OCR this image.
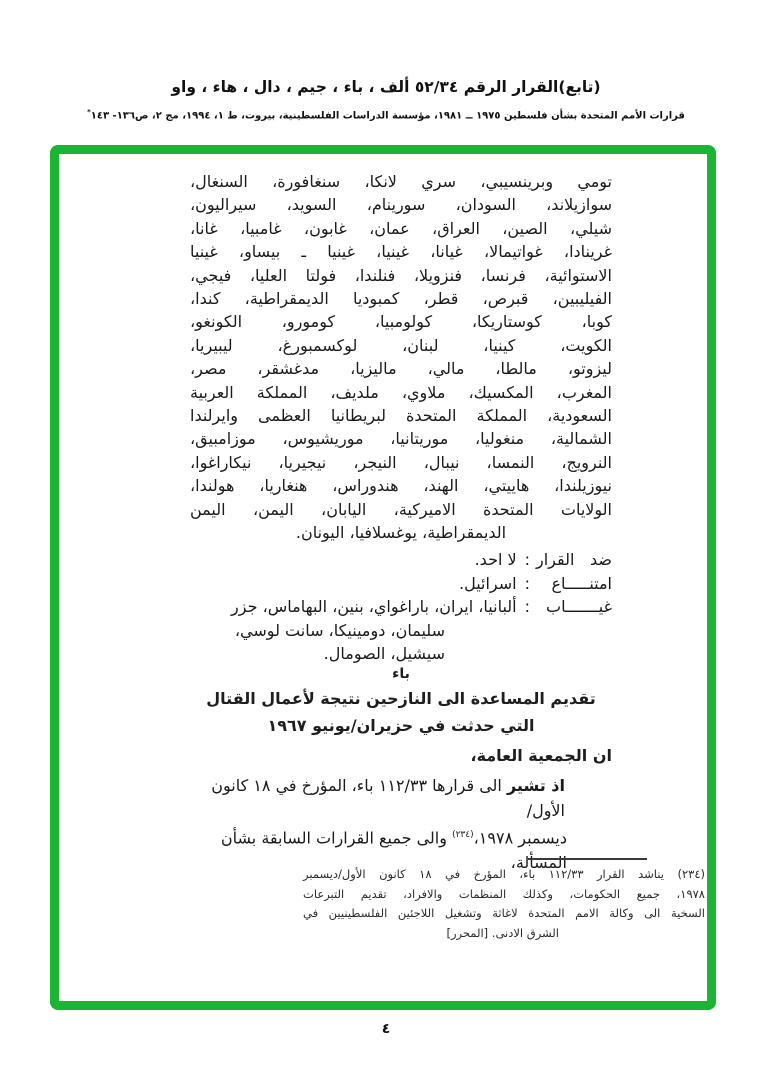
(تابع)القرار الرقم ٥٢/٣٤ ألف ، باء ، جيم ، دال ، هاء ، واو
قرارات الأمم المتحدة بشأن فلسطين ١٩٧٥ ــ ١٩٨١، مؤسسة الدراسات الفلسطينية، بيروت، ط ١، ١٩٩٤، مج ٢، ص١٣٦- ١٤٣*
تومي وبرينسيبي، سري لانكا، سنغافورة، السنغال،
سوازيلاند، السودان، سورينام، السويد، سيراليون،
شيلي، الصين، العراق، عمان، غابون، غامبيا، غانا،
غرينادا، غواتيمالا، غيانا، غينيا، غينيا ـ بيساو، غينيا
الاستوائية، فرنسا، فنزويلا، فنلندا، فولتا العليا، فيجي،
الفيليبين، قبرص، قطر، كمبوديا الديمقراطية، كندا،
كوبا، كوستاريكا، كولومبيا، كومورو، الكونغو،
الكويت، كينيا، لبنان، لوكسمبورغ، ليبيريا،
ليزوتو، مالطا، مالي، ماليزيا، مدغشقر، مصر،
المغرب، المكسيك، ملاوي، ملديف، المملكة العربية
السعودية، المملكة المتحدة لبريطانيا العظمى وايرلندا
الشمالية، منغوليا، موريتانيا، موريشيوس، موزامبيق،
النرويج، النمسا، نيبال، النيجر، نيجيريا، نيكاراغوا،
نيوزيلندا، هاييتي، الهند، هندوراس، هنغاريا، هولندا،
الولايات المتحدة الاميركية، اليابان، اليمن، اليمن
الديمقراطية، يوغسلافيا، اليونان.
ضد القرار
:
لا احد.
امتنـــــاع
:
اسرائيل.
غيـــــــاب
:
ألبانيا، ايران، باراغواي، بنين، البهاماس، جزر
سليمان، دومينيكا، سانت لوسي، سيشيل، الصومال.
باء
تقديم المساعدة الى النازحين نتيجة لأعمال القتال
التي حدثت في حزيران/يونيو ١٩٦٧
ان الجمعية العامة،
اذ تشير الى قرارها ١١٢/٣٣ باء، المؤرخ في ١٨ كانون الأول/
ديسمبر ١٩٧٨،$^{(٢٣٤)}$ والى جميع القرارات السابقة بشأن المسألة،
(٢٣٤) يناشد القرار ١١٢/٣٣ باء، المؤرخ في ١٨ كانون الأول/ديسمبر
١٩٧٨، جميع الحكومات، وكذلك المنظمات والافراد، تقديم التبرعات
السخية الى وكالة الامم المتحدة لاغاثة وتشغيل اللاجئين الفلسطينيين في
الشرق الادنى. [المحرر]
٤
